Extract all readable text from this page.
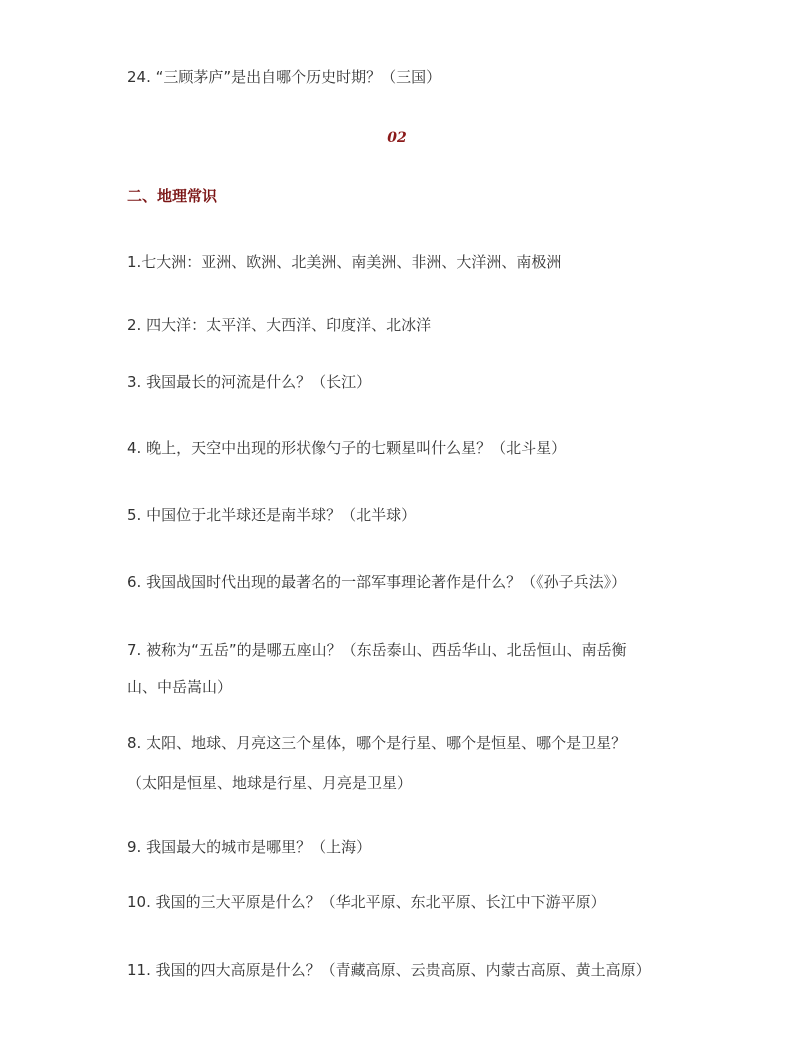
24. “三顾茅庐”是出自哪个历史时期？（三国）
02
二、地理常识
1.七大洲：亚洲、欧洲、北美洲、南美洲、非洲、大洋洲、南极洲
2. 四大洋：太平洋、大西洋、印度洋、北冰洋
3. 我国最长的河流是什么？（长江）
4. 晚上，天空中出现的形状像勺子的七颗星叫什么星？（北斗星）
5. 中国位于北半球还是南半球？（北半球）
6. 我国战国时代出现的最著名的一部军事理论著作是什么？（《孙子兵法》）
7. 被称为“五岳”的是哪五座山？（东岳泰山、西岳华山、北岳恒山、南岳衡
山、中岳嵩山）
8. 太阳、地球、月亮这三个星体，哪个是行星、哪个是恒星、哪个是卫星？
（太阳是恒星、地球是行星、月亮是卫星）
9. 我国最大的城市是哪里？（上海）
10. 我国的三大平原是什么？（华北平原、东北平原、长江中下游平原）
11. 我国的四大高原是什么？（青藏高原、云贵高原、内蒙古高原、黄土高原）
